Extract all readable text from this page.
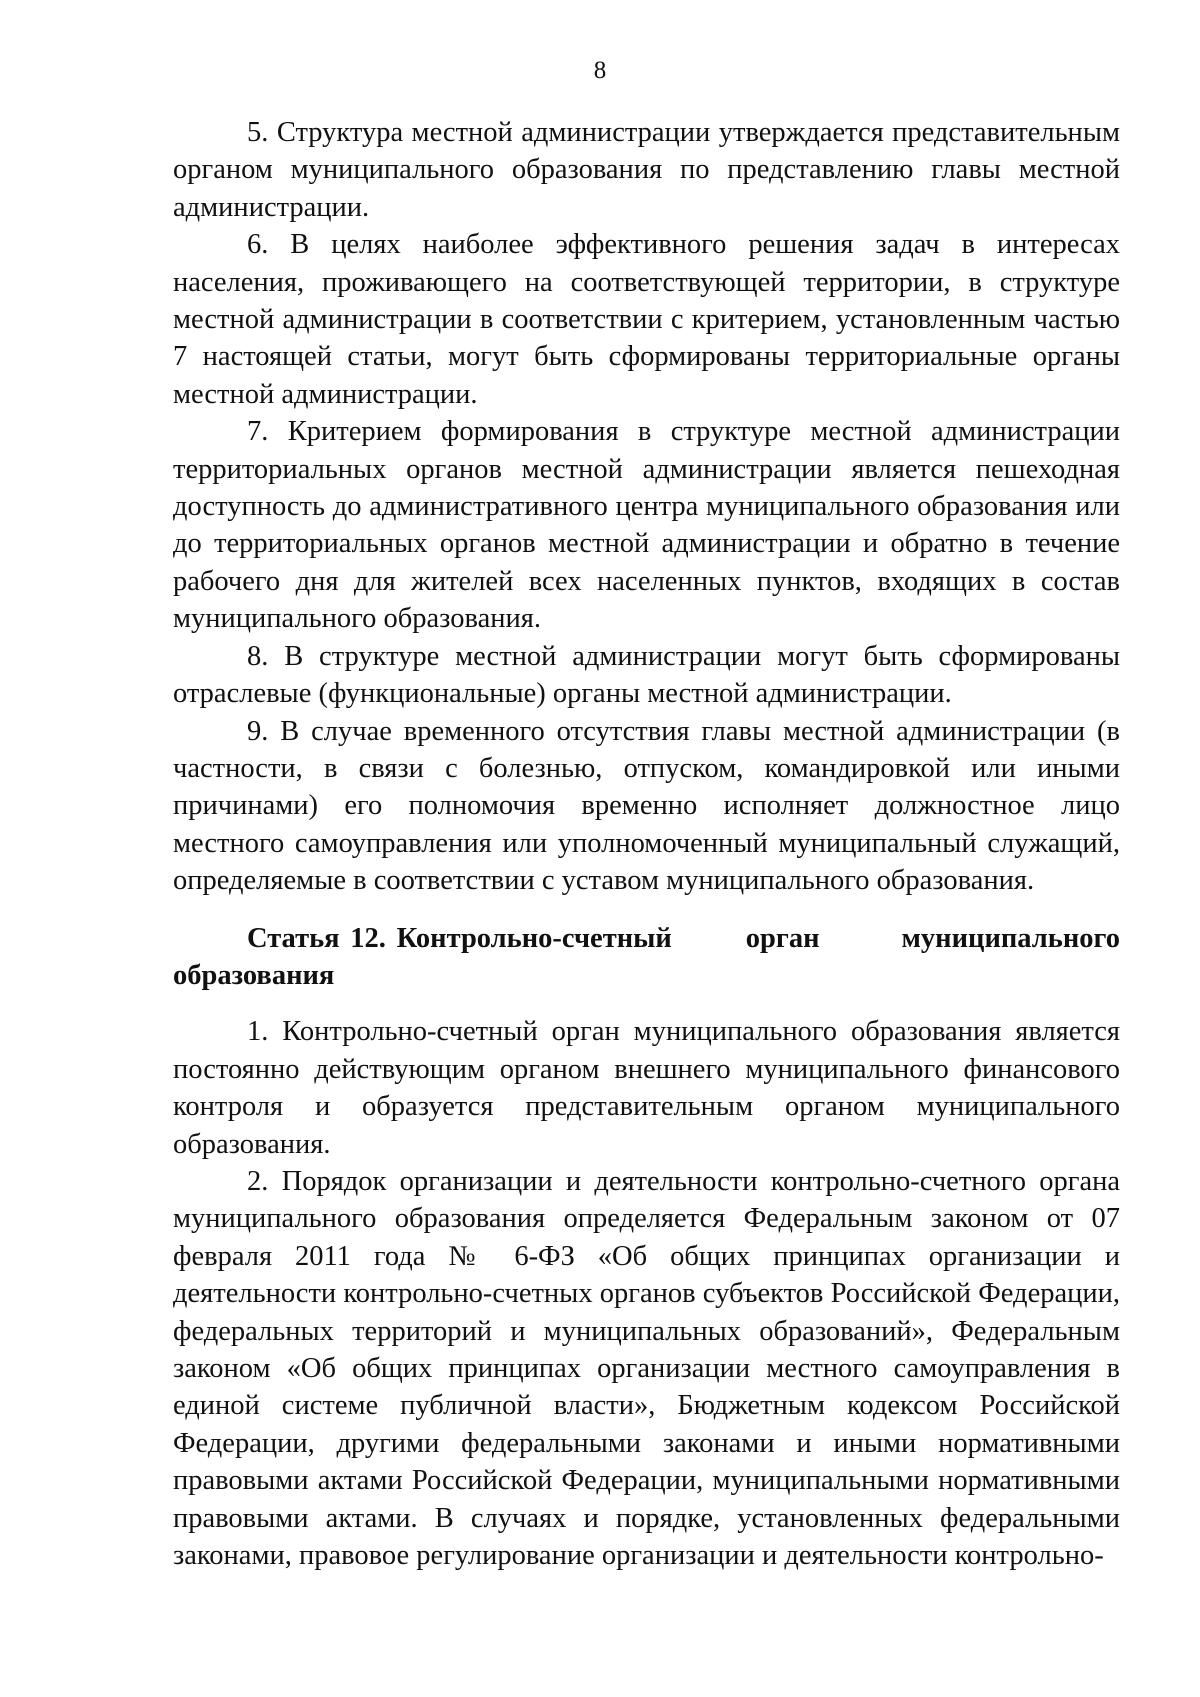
8

5. Структура местной администрации утверждается представительным органом муниципального образования по представлению главы местной администрации.

6. В целях наиболее эффективного решения задач в интересах населения, проживающего на соответствующей территории, в структуре местной администрации в соответствии с критерием, установленным частью 7 настоящей статьи, могут быть сформированы территориальные органы местной администрации.

7. Критерием формирования в структуре местной администрации территориальных органов местной администрации является пешеходная доступность до административного центра муниципального образования или до территориальных органов местной администрации и обратно в течение рабочего дня для жителей всех населенных пунктов, входящих в состав муниципального образования.

8. В структуре местной администрации могут быть сформированы отраслевые (функциональные) органы местной администрации.

9. В случае временного отсутствия главы местной администрации (в частности, в связи с болезнью, отпуском, командировкой или иными причинами) его полномочия временно исполняет должностное лицо местного самоуправления или уполномоченный муниципальный служащий, определяемые в соответствии с уставом муниципального образования.

Статья 12. Контрольно-счетный	орган	муниципального образования

1. Контрольно-счетный орган муниципального образования является постоянно действующим органом внешнего муниципального финансового контроля и образуется представительным органом муниципального образования.

2. Порядок организации и деятельности контрольно-счетного органа муниципального образования определяется Федеральным законом от 07 февраля 2011 года № 6-ФЗ «Об общих принципах организации и деятельности контрольно-счетных органов субъектов Российской Федерации, федеральных территорий и муниципальных образований», Федеральным законом «Об общих принципах организации местного самоуправления в единой системе публичной власти», Бюджетным кодексом Российской Федерации, другими федеральными законами и иными нормативными правовыми актами Российской Федерации, муниципальными нормативными правовыми актами. В случаях и порядке, установленных федеральными законами, правовое регулирование организации и деятельности контрольно-
